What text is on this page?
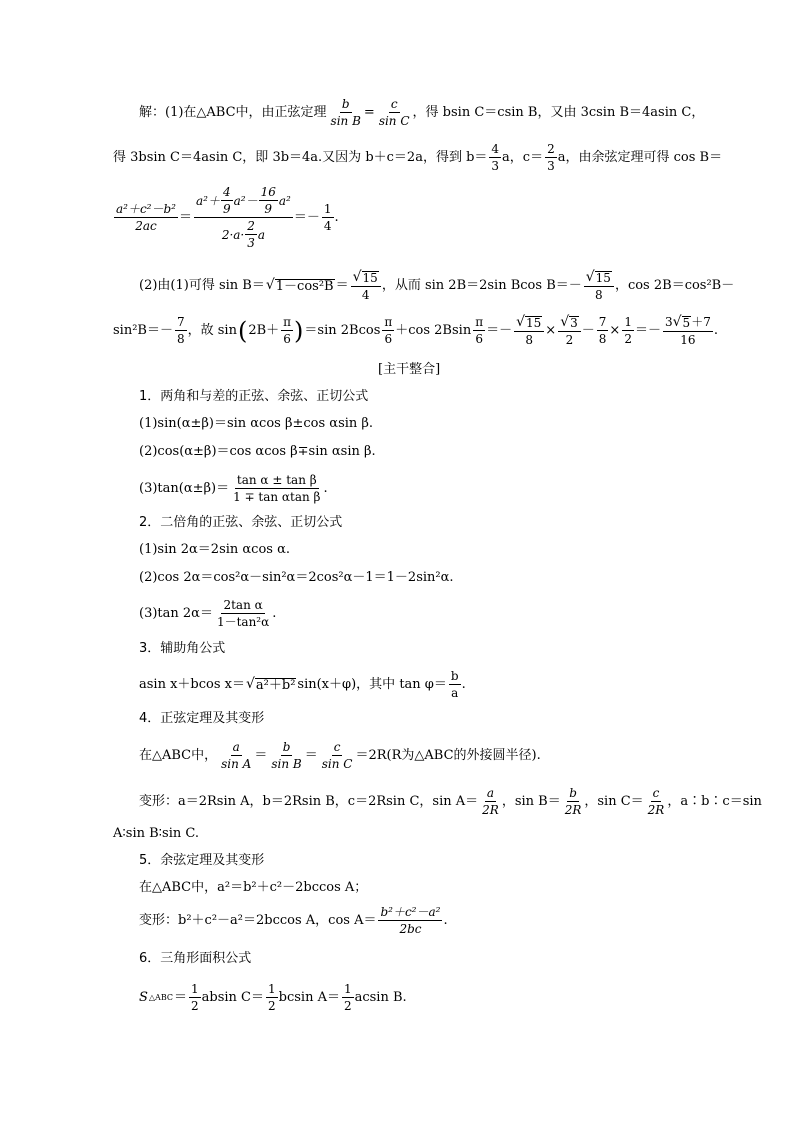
解：(1)在△ABC中，由正弦定理 $\frac{b}{\text{sin B}} = \frac{c}{\text{sin C}}$ ，得 bsin C＝csin B，又由 3csin B＝4asin C，
得 3bsin C＝4asin C，即 3b＝4a.又因为 b＋c＝2a，得到 b＝
4
3
a，c＝
2
3
a，由余弦定理可得 cos B＝
a²＋c²－b²
2ac
＝
a²＋
4
9
a²－
16
9
a²
2·a·
2
3
a
＝－
1
4
.
(2)由(1)可得 sin B＝ √ 1－cos²B ＝
√ 15
4
，从而 sin 2B＝2sin Bcos B＝－
√ 15
8
，cos 2B＝cos²B－
sin²B＝－
7
8
，故 sin ( 2B＋
π
6 ) ＝sin 2Bcos
π
6
＋cos 2Bsin
π
6
＝－ $\frac{√ 15}{8} \times \frac{√ 3}{2} - \frac{7}{8} \times \frac{1}{2}$ ＝－
3 √ 5 ＋7
16
.
[主干整合]
1．两角和与差的正弦、余弦、正切公式
(1)sin(α±β)＝sin αcos β±cos αsin β.
(2)cos(α±β)＝cos αcos β∓sin αsin β.
(3)tan(α±β)＝
tan α ± tan β
1 ∓ tan αtan β
.
2．二倍角的正弦、余弦、正切公式
(1)sin 2α＝2sin αcos α.
(2)cos 2α＝cos²α－sin²α＝2cos²α－1＝1－2sin²α.
(3)tan 2α＝
2tan α
1－tan²α
.
3．辅助角公式
asin x＋bcos x＝ √ a²＋b² sin(x＋φ)，其中 tan φ＝
b
a
.
4．正弦定理及其变形
在△ABC中，
a
sin A
＝
b
sin B
＝
c
sin C
＝2R(R为△ABC的外接圆半径).
变形：a＝2Rsin A，b＝2Rsin B，c＝2Rsin C，sin A＝
a
2R
，sin B＝
b
2R
，sin C＝
c
2R
，a∶b∶c＝sin
A∶sin B∶sin C.
5．余弦定理及其变形
在△ABC中，a²＝b²＋c²－2bccos A；
变形：b²＋c²－a²＝2bccos A，cos A＝
b²＋c²－a²
2bc
.
6．三角形面积公式
S △ABC ＝
1
2
absin C＝
1
2
bcsin A＝
1
2
acsin B.
